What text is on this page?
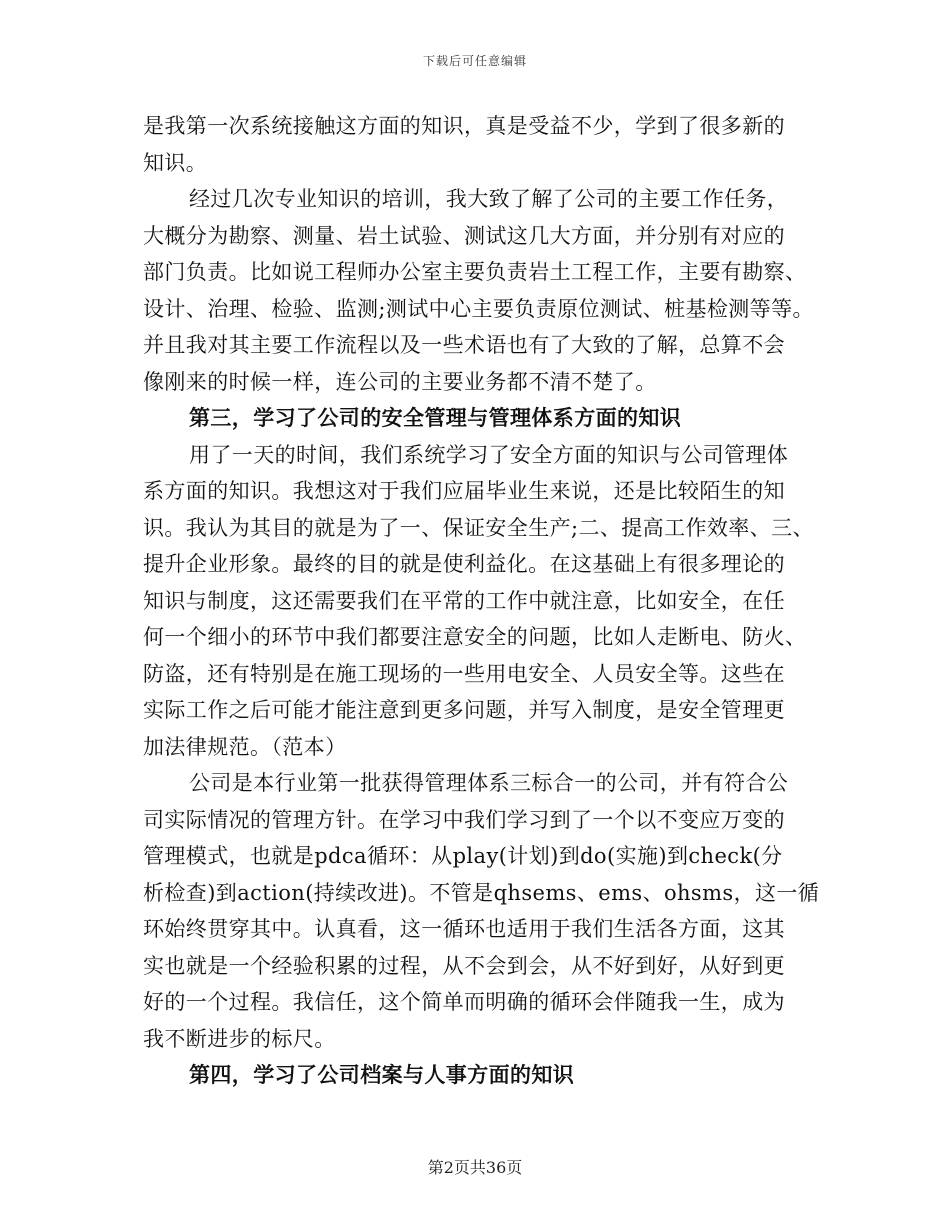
下载后可任意编辑
是我第一次系统接触这方面的知识，真是受益不少，学到了很多新的
知识。
经过几次专业知识的培训，我大致了解了公司的主要工作任务，
大概分为勘察、测量、岩土试验、测试这几大方面，并分别有对应的
部门负责。比如说工程师办公室主要负责岩土工程工作，主要有勘察、
设计、治理、检验、监测;测试中心主要负责原位测试、桩基检测等等。
并且我对其主要工作流程以及一些术语也有了大致的了解，总算不会
像刚来的时候一样，连公司的主要业务都不清不楚了。
第三，学习了公司的安全管理与管理体系方面的知识
用了一天的时间，我们系统学习了安全方面的知识与公司管理体
系方面的知识。我想这对于我们应届毕业生来说，还是比较陌生的知
识。我认为其目的就是为了一、保证安全生产;二、提高工作效率、三、
提升企业形象。最终的目的就是使利益化。在这基础上有很多理论的
知识与制度，这还需要我们在平常的工作中就注意，比如安全，在任
何一个细小的环节中我们都要注意安全的问题，比如人走断电、防火、
防盗，还有特别是在施工现场的一些用电安全、人员安全等。这些在
实际工作之后可能才能注意到更多问题，并写入制度，是安全管理更
加法律规范。（范本）
公司是本行业第一批获得管理体系三标合一的公司，并有符合公
司实际情况的管理方针。在学习中我们学习到了一个以不变应万变的
管理模式，也就是pdca循环：从play(计划)到do(实施)到check(分
析检查)到action(持续改进)。不管是qhsems、ems、ohsms，这一循
环始终贯穿其中。认真看，这一循环也适用于我们生活各方面，这其
实也就是一个经验积累的过程，从不会到会，从不好到好，从好到更
好的一个过程。我信任，这个简单而明确的循环会伴随我一生，成为
我不断进步的标尺。
第四，学习了公司档案与人事方面的知识
第2页共36页
